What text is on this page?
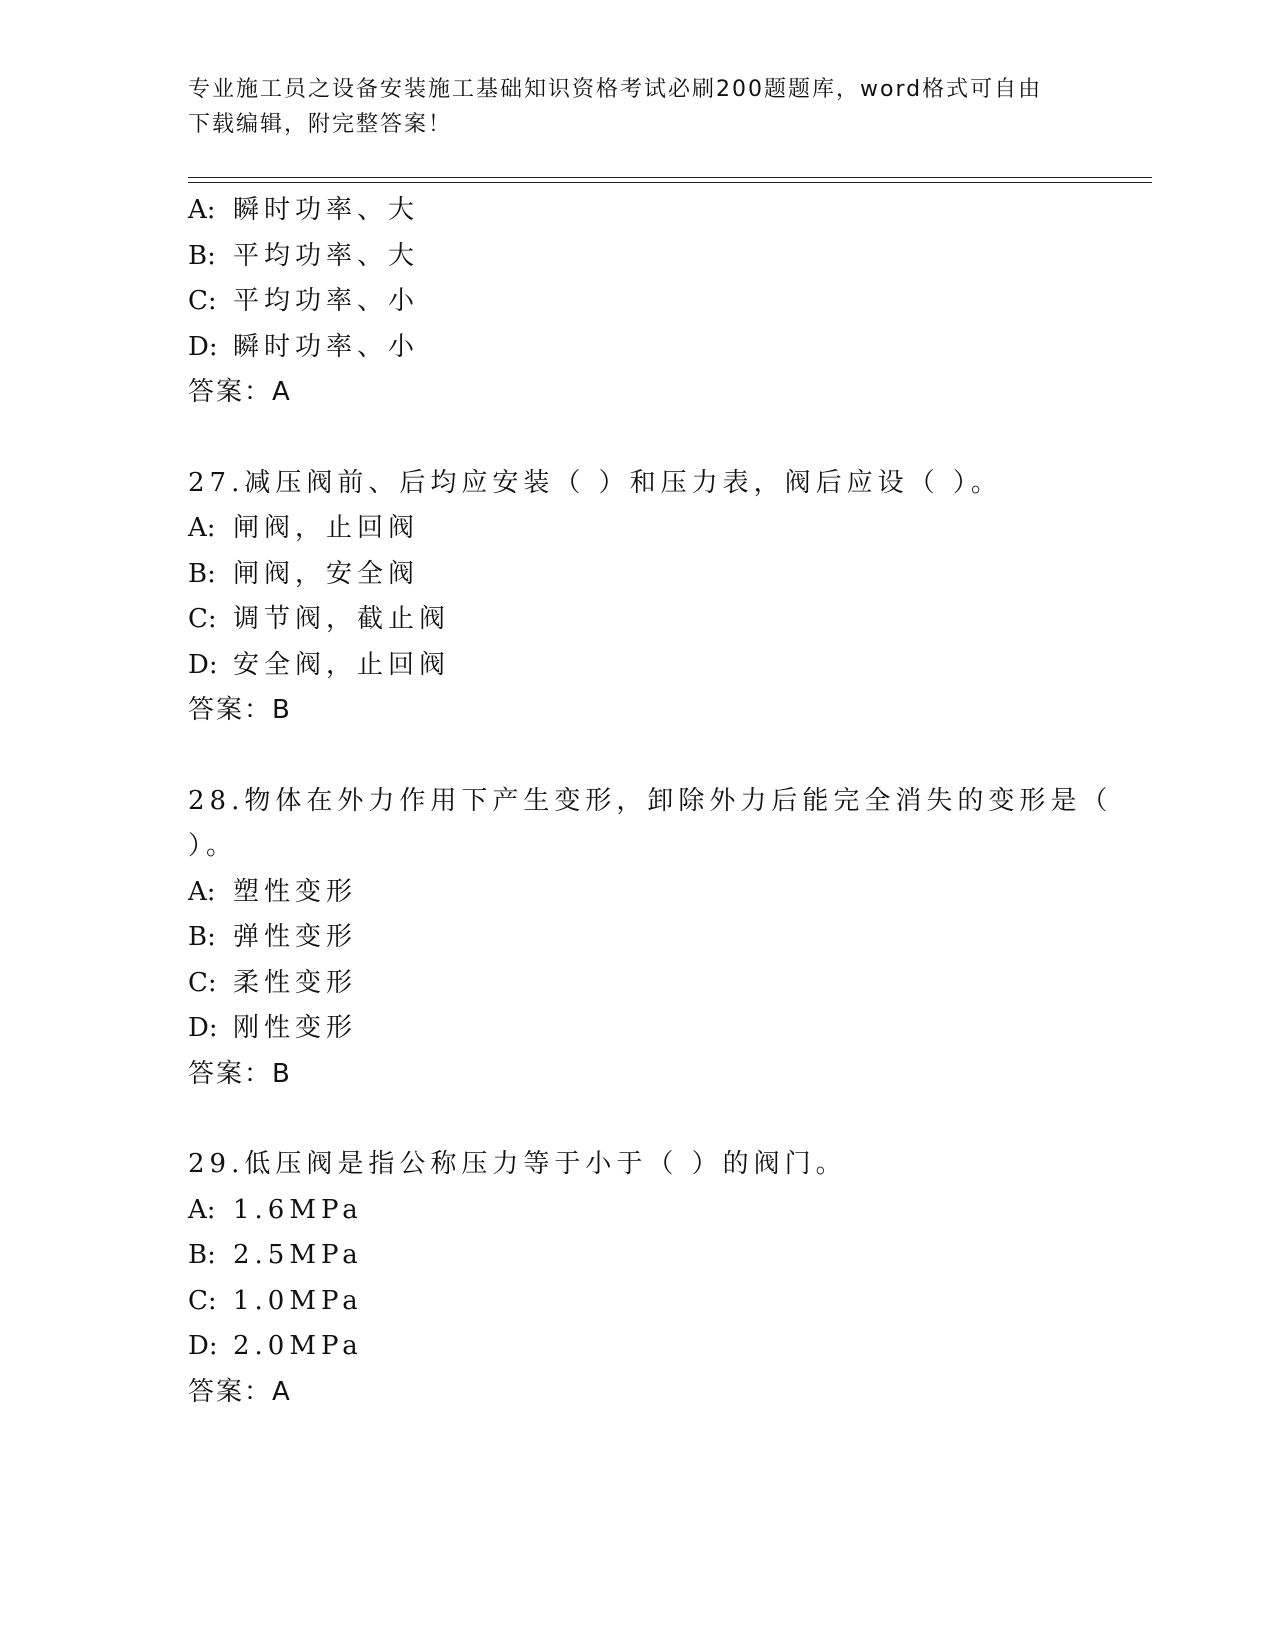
专业施工员之设备安装施工基础知识资格考试必刷200题题库，word格式可自由
下载编辑，附完整答案！
A: 瞬时功率、大
B: 平均功率、大
C: 平均功率、小
D: 瞬时功率、小
答案：A
27.减压阀前、后均应安装（ ）和压力表，阀后应设（ ）。
A: 闸阀，止回阀
B: 闸阀，安全阀
C: 调节阀，截止阀
D: 安全阀，止回阀
答案：B
28.物体在外力作用下产生变形，卸除外力后能完全消失的变形是（
）。
A: 塑性变形
B: 弹性变形
C: 柔性变形
D: 刚性变形
答案：B
29.低压阀是指公称压力等于小于（ ）的阀门。
A: 1.6MPa
B: 2.5MPa
C: 1.0MPa
D: 2.0MPa
答案：A
